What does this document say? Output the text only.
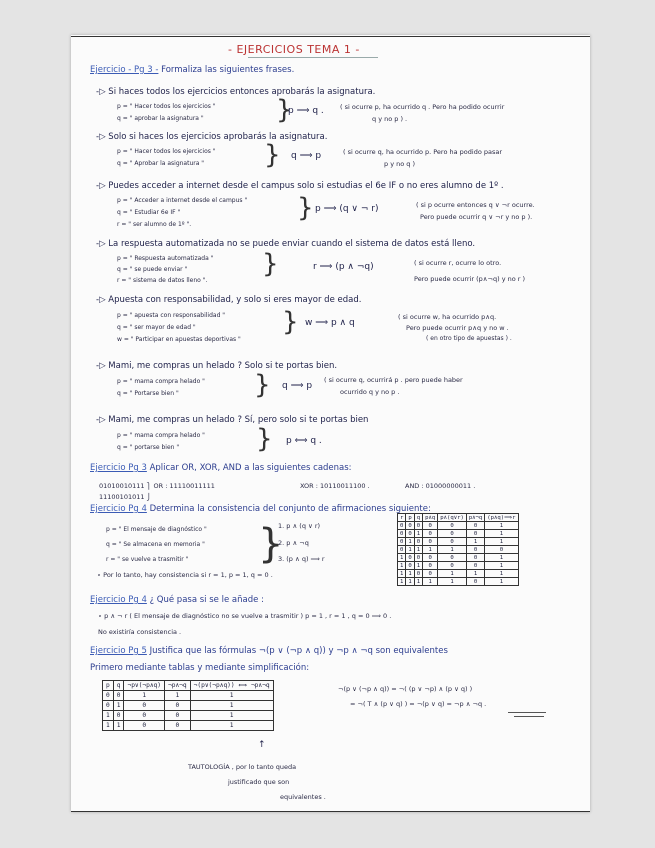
- EJERCICIOS TEMA 1 -
Ejercicio - Pg 3 - Formaliza las siguientes frases.
-▷ Si haces todos los ejercicios entonces aprobarás la asignatura.
p = " Hacer todos los ejercicios "
q = " aprobar la asignatura "	}
p ⟹ q . ( si ocurre p, ha ocurrido q . Pero ha podido ocurrir
q y no p ) .
-▷ Solo si haces los ejercicios aprobarás la asignatura.
p = " Hacer todos los ejercicios "
q = " Aprobar la asignatura " } q ⟹ p	( si ocurre q, ha ocurrido p. Pero ha podido pasar
p y no q )
-▷ Puedes acceder a internet desde el campus solo si estudias el 6e IF o no eres alumno de 1º .
p = " Acceder a internet desde el campus "
q = " Estudiar 6e IF "
r = " ser alumno de 1º ".
} p ⟹ (q ∨ ¬ r)	( si p ocurre entonces q ∨ ¬r ocurre.
Pero puede ocurrir q ∨ ¬r y no p ).
-▷ La respuesta automatizada no se puede enviar cuando el sistema de datos está lleno.
p = " Respuesta automatizada "
q = " se puede enviar "
r = " sistema de datos lleno ".
}	r ⟹ (p ∧ ¬q)	( si ocurre r, ocurre lo otro.
Pero puede ocurrir (p∧¬q) y no r )
-▷ Apuesta con responsabilidad, y solo si eres mayor de edad.
p = " apuesta con responsabilidad "
q = " ser mayor de edad "
w = " Participar en apuestas deportivas "
} w ⟹ p ∧ q
( si ocurre w, ha ocurrido p∧q.
Pero puede ocurrir p∧q y no w .
( en otro tipo de apuestas ) .
-▷ Mami, me compras un helado ? Solo si te portas bien.
p = " mama compra helado "
q = " Portarse bien "	} q ⟹ p
( si ocurre q, ocurrirá p . pero puede haber
ocurrido q y no p .
-▷ Mami, me compras un helado ? Sí, pero solo si te portas bien
p = " mama compra helado "
q = " portarse bien "	} p ⟺ q .
Ejercicio Pg 3 Aplicar OR, XOR, AND a las siguientes cadenas:
01010010111 ⎫ OR : 11110011111	XOR : 10110011100 .	AND : 01000000011 .
11100101011 ⎭
Ejercicio Pg 4 Determina la consistencia del conjunto de afirmaciones siguiente:
p = " El mensaje de diagnóstico "
q = " Se almacena en memoria "
r = " se vuelve a trasmitir " }
1. p ∧ (q ∨ r)
2. p ∧ ¬q
3. (p ∧ q) ⟹ r
∘ Por lo tanto, hay consistencia si r = 1, p = 1, q = 0 .
r	p	q	p∧q	p∧(q∨r)	p∧¬q	(p∧q)⟹r
0	0	0	0	0	0	1
0	0	1	0	0	0	1
0	1	0	0	0	1	1
0	1	1	1	1	0	0
1	0	0	0	0	0	1
1	0	1	0	0	0	1
1	1	0	0	1	1	1
1	1	1	1	1	0	1
Ejercicio Pg 4 ¿ Qué pasa si se le añade :
∘ p ∧ ¬ r ( El mensaje de diagnóstico no se vuelve a trasmitir ) p = 1 , r = 1 , q = 0 ⟹ 0 .
No existiría consistencia .
Ejercicio Pg 5 Justifica que las fórmulas ¬(p ∨ (¬p ∧ q)) y ¬p ∧ ¬q son equivalentes
Primero mediante tablas y mediante simplificación:
p	q	¬p∨(¬p∧q)	¬p∧¬q	¬(p∨(¬p∧q)) ⟺ ¬p∧¬q
0	0	1	1	1
0	1	0	0	1
1	0	0	0	1
1	1	0	0	1
¬(p ∨ (¬p ∧ q)) = ¬( (p ∨ ¬p) ∧ (p ∨ q) )
= ¬( T ∧ (p ∨ q) ) = ¬(p ∨ q) = ¬p ∧ ¬q .
↑
TAUTOLOGÍA , por lo tanto queda
justificado que son
equivalentes .
